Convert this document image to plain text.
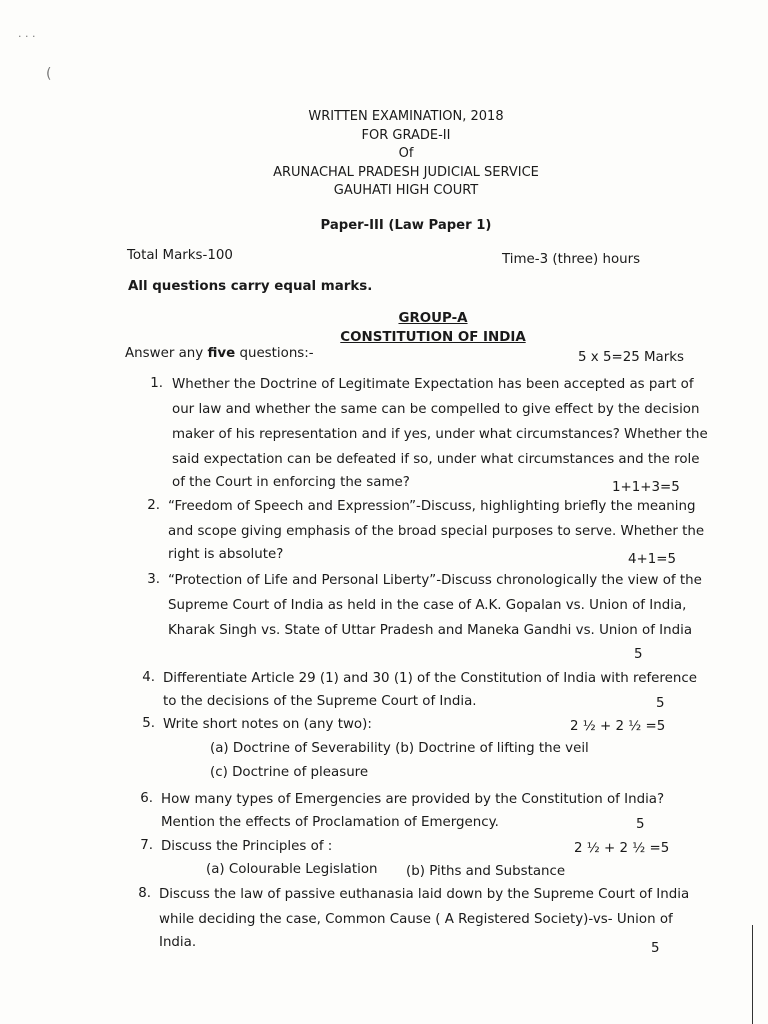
· · ·
(
WRITTEN EXAMINATION, 2018
FOR GRADE-II
Of
ARUNACHAL PRADESH JUDICIAL SERVICE
GAUHATI HIGH COURT
Paper-III (Law Paper 1)
Total Marks-100	Time-3 (three) hours
All questions carry equal marks.
GROUP-A
CONSTITUTION OF INDIA
Answer any five questions:-	5 x 5=25 Marks
1. Whether the Doctrine of Legitimate Expectation has been accepted as part of
our law and whether the same can be compelled to give effect by the decision
maker of his representation and if yes, under what circumstances? Whether the
said expectation can be defeated if so, under what circumstances and the role
of the Court in enforcing the same?	1+1+3=5
2. “Freedom of Speech and Expression”-Discuss, highlighting briefly the meaning
and scope giving emphasis of the broad special purposes to serve. Whether the
right is absolute?	4+1=5
3. “Protection of Life and Personal Liberty”-Discuss chronologically the view of the
Supreme Court of India as held in the case of A.K. Gopalan vs. Union of India,
Kharak Singh vs. State of Uttar Pradesh and Maneka Gandhi vs. Union of India
5
4. Differentiate Article 29 (1) and 30 (1) of the Constitution of India with reference
to the decisions of the Supreme Court of India.	5
5. Write short notes on (any two):	2 ½ + 2 ½ =5
(a) Doctrine of Severability (b) Doctrine of lifting the veil
(c) Doctrine of pleasure
6. How many types of Emergencies are provided by the Constitution of India?
Mention the effects of Proclamation of Emergency.	5
7. Discuss the Principles of :	2 ½ + 2 ½ =5
(a) Colourable Legislation (b) Piths and Substance
8. Discuss the law of passive euthanasia laid down by the Supreme Court of India
while deciding the case, Common Cause ( A Registered Society)-vs- Union of
India.	5
